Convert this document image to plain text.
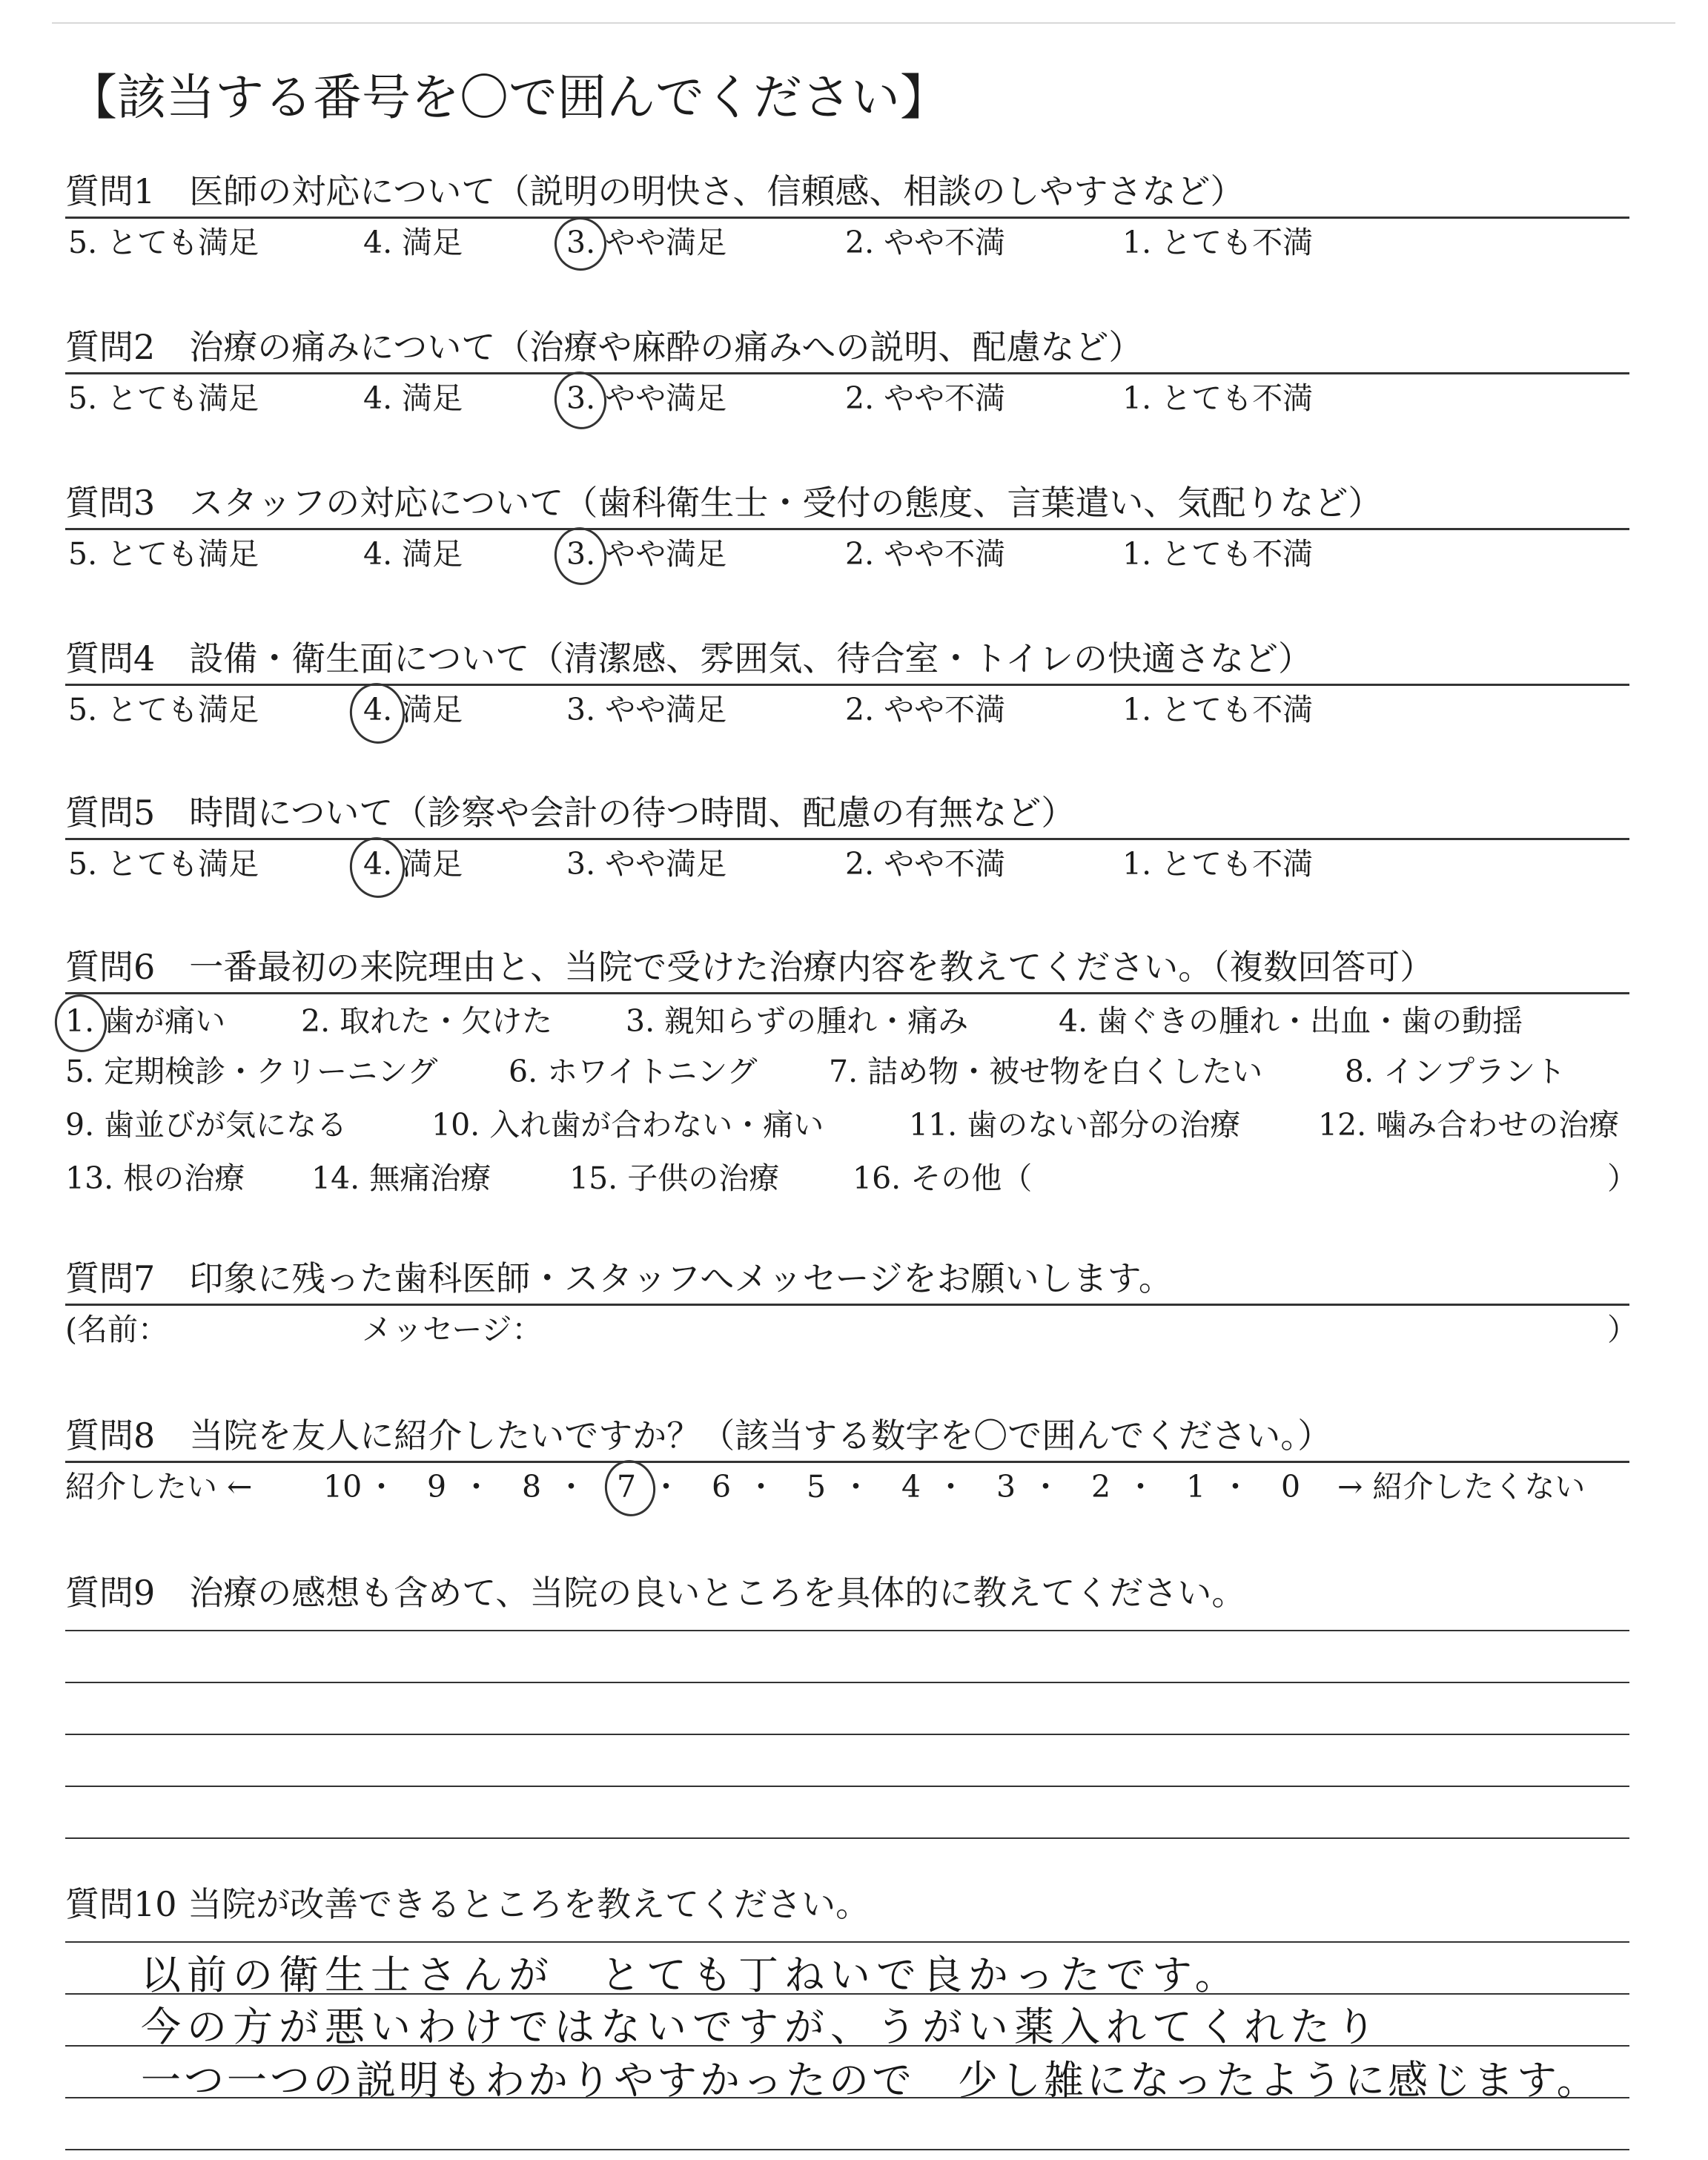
【該当する番号を〇で囲んでください】
質問1　医師の対応について（説明の明快さ、信頼感、相談のしやすさなど）
5. とても満足	4. 満足	3. やや満足	2. やや不満	1. とても不満
質問2　治療の痛みについて（治療や麻酔の痛みへの説明、配慮など）
5. とても満足	4. 満足	3. やや満足	2. やや不満	1. とても不満
質問3　スタッフの対応について（歯科衛生士・受付の態度、言葉遣い、気配りなど）
5. とても満足	4. 満足	3. やや満足	2. やや不満	1. とても不満
質問4　設備・衛生面について（清潔感、雰囲気、待合室・トイレの快適さなど）
5. とても満足	4. 満足	3. やや満足	2. やや不満	1. とても不満
質問5　時間について（診察や会計の待つ時間、配慮の有無など）
5. とても満足	4. 満足	3. やや満足	2. やや不満	1. とても不満
質問6　一番最初の来院理由と、当院で受けた治療内容を教えてください。（複数回答可）
1. 歯が痛い 2. 取れた・欠けた 3. 親知らずの腫れ・痛み	4. 歯ぐきの腫れ・出血・歯の動揺
5. 定期検診・クリーニング 6. ホワイトニング 7. 詰め物・被せ物を白くしたい	8. インプラント
9. 歯並びが気になる	10. 入れ歯が合わない・痛い	11. 歯のない部分の治療	12. 噛み合わせの治療
13. 根の治療 14. 無痛治療	15. 子供の治療 16. その他（	）
質問7　印象に残った歯科医師・スタッフへメッセージをお願いします。
(名前：	メッセージ：	）
質問8　当院を友人に紹介したいですか？（該当する数字を〇で囲んでください。）
紹介したい ← 10 ・ 9 ・ 8 ・ 7 ・ 6 ・ 5 ・ 4 ・ 3 ・ 2 ・ 1 ・ 0 → 紹介したくない
質問9　治療の感想も含めて、当院の良いところを具体的に教えてください。
質問10 当院が改善できるところを教えてください。
以前の衛生士さんが　とても丁ねいで良かったです。
今の方が悪いわけではないですが、うがい薬入れてくれたり
一つ一つの説明もわかりやすかったので　少し雑になったように感じます。
